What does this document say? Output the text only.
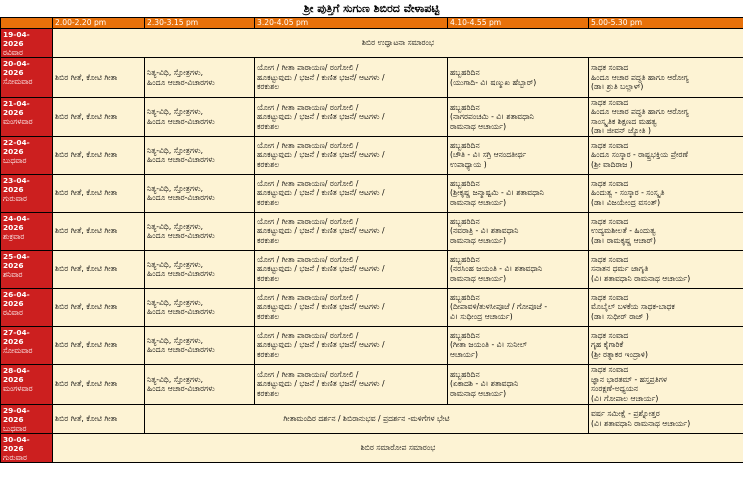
ಶ್ರೀ ಪುತ್ತಿಗೆ ಸುಗುಣ ಶಿಬಿರದ ವೇಳಾಪಟ್ಟಿ
	2.00-2.20 pm	2.30-3.15 pm	3.20-4.05 pm	4.10-4.55 pm	5.00-5.30 pm

19-04-2026
ರವಿವಾರ	ಶಿಬಿರ ಉದ್ಘಾಟನಾ ಸಮಾರಂಭ				

20-04-2026
ಸೋಮವಾರ	ಶಿಬಿರ ಗೀತೆ, ಕೋಟಿ ಗೀತಾ	ನಿತ್ಯ-ವಿಧಿ, ಸ್ತೋತ್ರಗಳು,
ಹಿಂದೂ ಆಚಾರ-ವಿಚಾರಗಳು	ಯೋಗ / ಗೀತಾ ಪಾರಾಯಣ/ ರಂಗೋಲಿ /
ಹೂಕಟ್ಟುವುದು / ಭಜನೆ / ಕುಣಿತ ಭಜನೆ/ ಆಟಗಳು /
ಕರಕುಶಲ	ಹಬ್ಬಹರಿದಿನ
(ಯುಗಾದಿ- ವಿ। ಷಣ್ಮುಖ ಹೆಬ್ಬಾರ್)	ಸಾಧಕ ಸಂವಾದ
ಹಿಂದೂ ಆಚಾರ ಪದ್ಧತಿ ಹಾಗೂ ಆರೋಗ್ಯ
(ಡಾ। ಶ್ರುತಿ ಬಲ್ಲಾಳ್)

21-04-2026
ಮಂಗಳವಾರ	ಶಿಬಿರ ಗೀತೆ, ಕೋಟಿ ಗೀತಾ	ನಿತ್ಯ-ವಿಧಿ, ಸ್ತೋತ್ರಗಳು,
ಹಿಂದೂ ಆಚಾರ-ವಿಚಾರಗಳು	ಯೋಗ / ಗೀತಾ ಪಾರಾಯಣ/ ರಂಗೋಲಿ /
ಹೂಕಟ್ಟುವುದು / ಭಜನೆ / ಕುಣಿತ ಭಜನೆ/ ಆಟಗಳು /
ಕರಕುಶಲ	ಹಬ್ಬಹರಿದಿನ
(ನಾಗರಪಂಚಮಿ - ವಿ। ಶತಾವಧಾನಿ
ರಾಮನಾಥ ಆಚಾರ್ಯ)	ಸಾಧಕ ಸಂವಾದ
ಹಿಂದೂ ಆಚಾರ ಪದ್ಧತಿ ಹಾಗೂ ಆರೋಗ್ಯ
ಸಾಂಸ್ಕೃತಿಕ ಶಿಕ್ಷಣದ ಮಹತ್ವ
(ಡಾ। ಜೀವನ್ ಜ್ಯೋತಿ )

22-04-2026
ಬುಧವಾರ	ಶಿಬಿರ ಗೀತೆ, ಕೋಟಿ ಗೀತಾ	ನಿತ್ಯ-ವಿಧಿ, ಸ್ತೋತ್ರಗಳು,
ಹಿಂದೂ ಆಚಾರ-ವಿಚಾರಗಳು	ಯೋಗ / ಗೀತಾ ಪಾರಾಯಣ/ ರಂಗೋಲಿ /
ಹೂಕಟ್ಟುವುದು / ಭಜನೆ / ಕುಣಿತ ಭಜನೆ/ ಆಟಗಳು /
ಕರಕುಶಲ	ಹಬ್ಬಹರಿದಿನ
(ಚೌತಿ - ವಿ। ಸಗ್ರಿ ಆನಂದತೀರ್ಥ
ಉಪಾಧ್ಯಾಯ )	ಸಾಧಕ ಸಂವಾದ
ಹಿಂದೂ ಸಂಸ್ಕಾರ - ರಾಷ್ಟ್ರಭಕ್ತಿಯ ಪ್ರೇರಣೆ
(ಶ್ರೀ ವಾದಿರಾಜ )

23-04-2026
ಗುರುವಾರ	ಶಿಬಿರ ಗೀತೆ, ಕೋಟಿ ಗೀತಾ	ನಿತ್ಯ-ವಿಧಿ, ಸ್ತೋತ್ರಗಳು,
ಹಿಂದೂ ಆಚಾರ-ವಿಚಾರಗಳು	ಯೋಗ / ಗೀತಾ ಪಾರಾಯಣ/ ರಂಗೋಲಿ /
ಹೂಕಟ್ಟುವುದು / ಭಜನೆ / ಕುಣಿತ ಭಜನೆ/ ಆಟಗಳು /
ಕರಕುಶಲ	ಹಬ್ಬಹರಿದಿನ
(ಶ್ರೀಕೃಷ್ಣ ಜನ್ಮಾಷ್ಟಮಿ - ವಿ। ಶತಾವಧಾನಿ
ರಾಮನಾಥ ಆಚಾರ್ಯ)	ಸಾಧಕ ಸಂವಾದ
ಹಿಂದುತ್ವ - ಸಂಸ್ಕಾರ - ಸಂಸ್ಕೃತಿ
(ಡಾ। ವಿಜಯೇಂದ್ರ ವಸಂತ್)

24-04-2026
ಶುಕ್ರವಾರ	ಶಿಬಿರ ಗೀತೆ, ಕೋಟಿ ಗೀತಾ	ನಿತ್ಯ-ವಿಧಿ, ಸ್ತೋತ್ರಗಳು,
ಹಿಂದೂ ಆಚಾರ-ವಿಚಾರಗಳು	ಯೋಗ / ಗೀತಾ ಪಾರಾಯಣ/ ರಂಗೋಲಿ /
ಹೂಕಟ್ಟುವುದು / ಭಜನೆ / ಕುಣಿತ ಭಜನೆ/ ಆಟಗಳು /
ಕರಕುಶಲ	ಹಬ್ಬಹರಿದಿನ
(ನವರಾತ್ರಿ - ವಿ। ಶತಾವಧಾನಿ
ರಾಮನಾಥ ಆಚಾರ್ಯ)	ಸಾಧಕ ಸಂವಾದ
ಉದ್ಯಮಶೀಲತೆ - ಹಿಂದುತ್ವ
(ಡಾ। ರಾಮಕೃಷ್ಣ ಆಚಾರ್)

25-04-2026
ಶನಿವಾರ	ಶಿಬಿರ ಗೀತೆ, ಕೋಟಿ ಗೀತಾ	ನಿತ್ಯ-ವಿಧಿ, ಸ್ತೋತ್ರಗಳು,
ಹಿಂದೂ ಆಚಾರ-ವಿಚಾರಗಳು	ಯೋಗ / ಗೀತಾ ಪಾರಾಯಣ/ ರಂಗೋಲಿ /
ಹೂಕಟ್ಟುವುದು / ಭಜನೆ / ಕುಣಿತ ಭಜನೆ/ ಆಟಗಳು /
ಕರಕುಶಲ	ಹಬ್ಬಹರಿದಿನ
(ನರಸಿಂಹ ಜಯಂತಿ - ವಿ। ಶತಾವಧಾನಿ
ರಾಮನಾಥ ಆಚಾರ್ಯ)	ಸಾಧಕ ಸಂವಾದ
ಸನಾತನ ಧರ್ಮ ಜಾಗೃತಿ
(ವಿ। ಶತಾವಧಾನಿ ರಾಮನಾಥ ಆಚಾರ್ಯ)

26-04-2026
ರವಿವಾರ	ಶಿಬಿರ ಗೀತೆ, ಕೋಟಿ ಗೀತಾ	ನಿತ್ಯ-ವಿಧಿ, ಸ್ತೋತ್ರಗಳು,
ಹಿಂದೂ ಆಚಾರ-ವಿಚಾರಗಳು	ಯೋಗ / ಗೀತಾ ಪಾರಾಯಣ/ ರಂಗೋಲಿ /
ಹೂಕಟ್ಟುವುದು / ಭಜನೆ / ಕುಣಿತ ಭಜನೆ/ ಆಟಗಳು /
ಕರಕುಶಲ	ಹಬ್ಬಹರಿದಿನ
(ದೀಪಾವಳಿ/ತುಳಸೀಪೂಜೆ / ಗೋಪೂಜೆ -
ವಿ। ಸುಧೀಂದ್ರ ಆಚಾರ್ಯ)	ಸಾಧಕ ಸಂವಾದ
ಮೊಬೈಲ್ ಬಳಕೆಯ ಸಾಧಕ-ಬಾಧಕ
(ಡಾ। ಸುಧೀರ್ ರಾಜ್ )

27-04-2026
ಸೋಮವಾರ	ಶಿಬಿರ ಗೀತೆ, ಕೋಟಿ ಗೀತಾ	ನಿತ್ಯ-ವಿಧಿ, ಸ್ತೋತ್ರಗಳು,
ಹಿಂದೂ ಆಚಾರ-ವಿಚಾರಗಳು	ಯೋಗ / ಗೀತಾ ಪಾರಾಯಣ/ ರಂಗೋಲಿ /
ಹೂಕಟ್ಟುವುದು / ಭಜನೆ / ಕುಣಿತ ಭಜನೆ/ ಆಟಗಳು /
ಕರಕುಶಲ	ಹಬ್ಬಹರಿದಿನ
(ಗೀತಾ ಜಯಂತಿ - ವಿ। ಸುನೀಲ್
ಆಚಾರ್ಯ)	ಸಾಧಕ ಸಂವಾದ
ಗೃಹ ಕೈಗಾರಿಕೆ
(ಶ್ರೀ ರತ್ನಾಕರ ಇಂದ್ರಾಳಿ)

28-04-2026
ಮಂಗಳವಾರ	ಶಿಬಿರ ಗೀತೆ, ಕೋಟಿ ಗೀತಾ	ನಿತ್ಯ-ವಿಧಿ, ಸ್ತೋತ್ರಗಳು,
ಹಿಂದೂ ಆಚಾರ-ವಿಚಾರಗಳು	ಯೋಗ / ಗೀತಾ ಪಾರಾಯಣ/ ರಂಗೋಲಿ /
ಹೂಕಟ್ಟುವುದು / ಭಜನೆ / ಕುಣಿತ ಭಜನೆ/ ಆಟಗಳು /
ಕರಕುಶಲ	ಹಬ್ಬಹರಿದಿನ
(ಏಕಾದಶಿ - ವಿ। ಶತಾವಧಾನಿ
ರಾಮನಾಥ ಆಚಾರ್ಯ)	ಸಾಧಕ ಸಂವಾದ
ಜ್ಞಾನ ಭಾರತಮ್ - ಹಸ್ತಪ್ರತಿಗಳ
ಸಂರಕ್ಷಣೆ-ಅಧ್ಯಯನ
(ವಿ। ಗೋಪಾಲ ಆಚಾರ್ಯ)

29-04-2026
ಬುಧವಾರ	ಶಿಬಿರ ಗೀತೆ, ಕೋಟಿ ಗೀತಾ	ಗೀತಾಮಂದಿರ ದರ್ಶನ / ಶಿಬಿರಾನುಭವ / ಪ್ರದರ್ಶನ -ಮಳಿಗೆಗಳ ಭೇಟಿ			ವರ್ಷ ಸಮೀಕ್ಷೆ - ಪ್ರಶ್ನೋತ್ತರ
(ವಿ। ಶತಾವಧಾನಿ ರಾಮನಾಥ ಆಚಾರ್ಯ)

30-04-2026
ಗುರುವಾರ	ಶಿಬಿರ ಸಮಾರೋಪ ಸಮಾರಂಭ				
